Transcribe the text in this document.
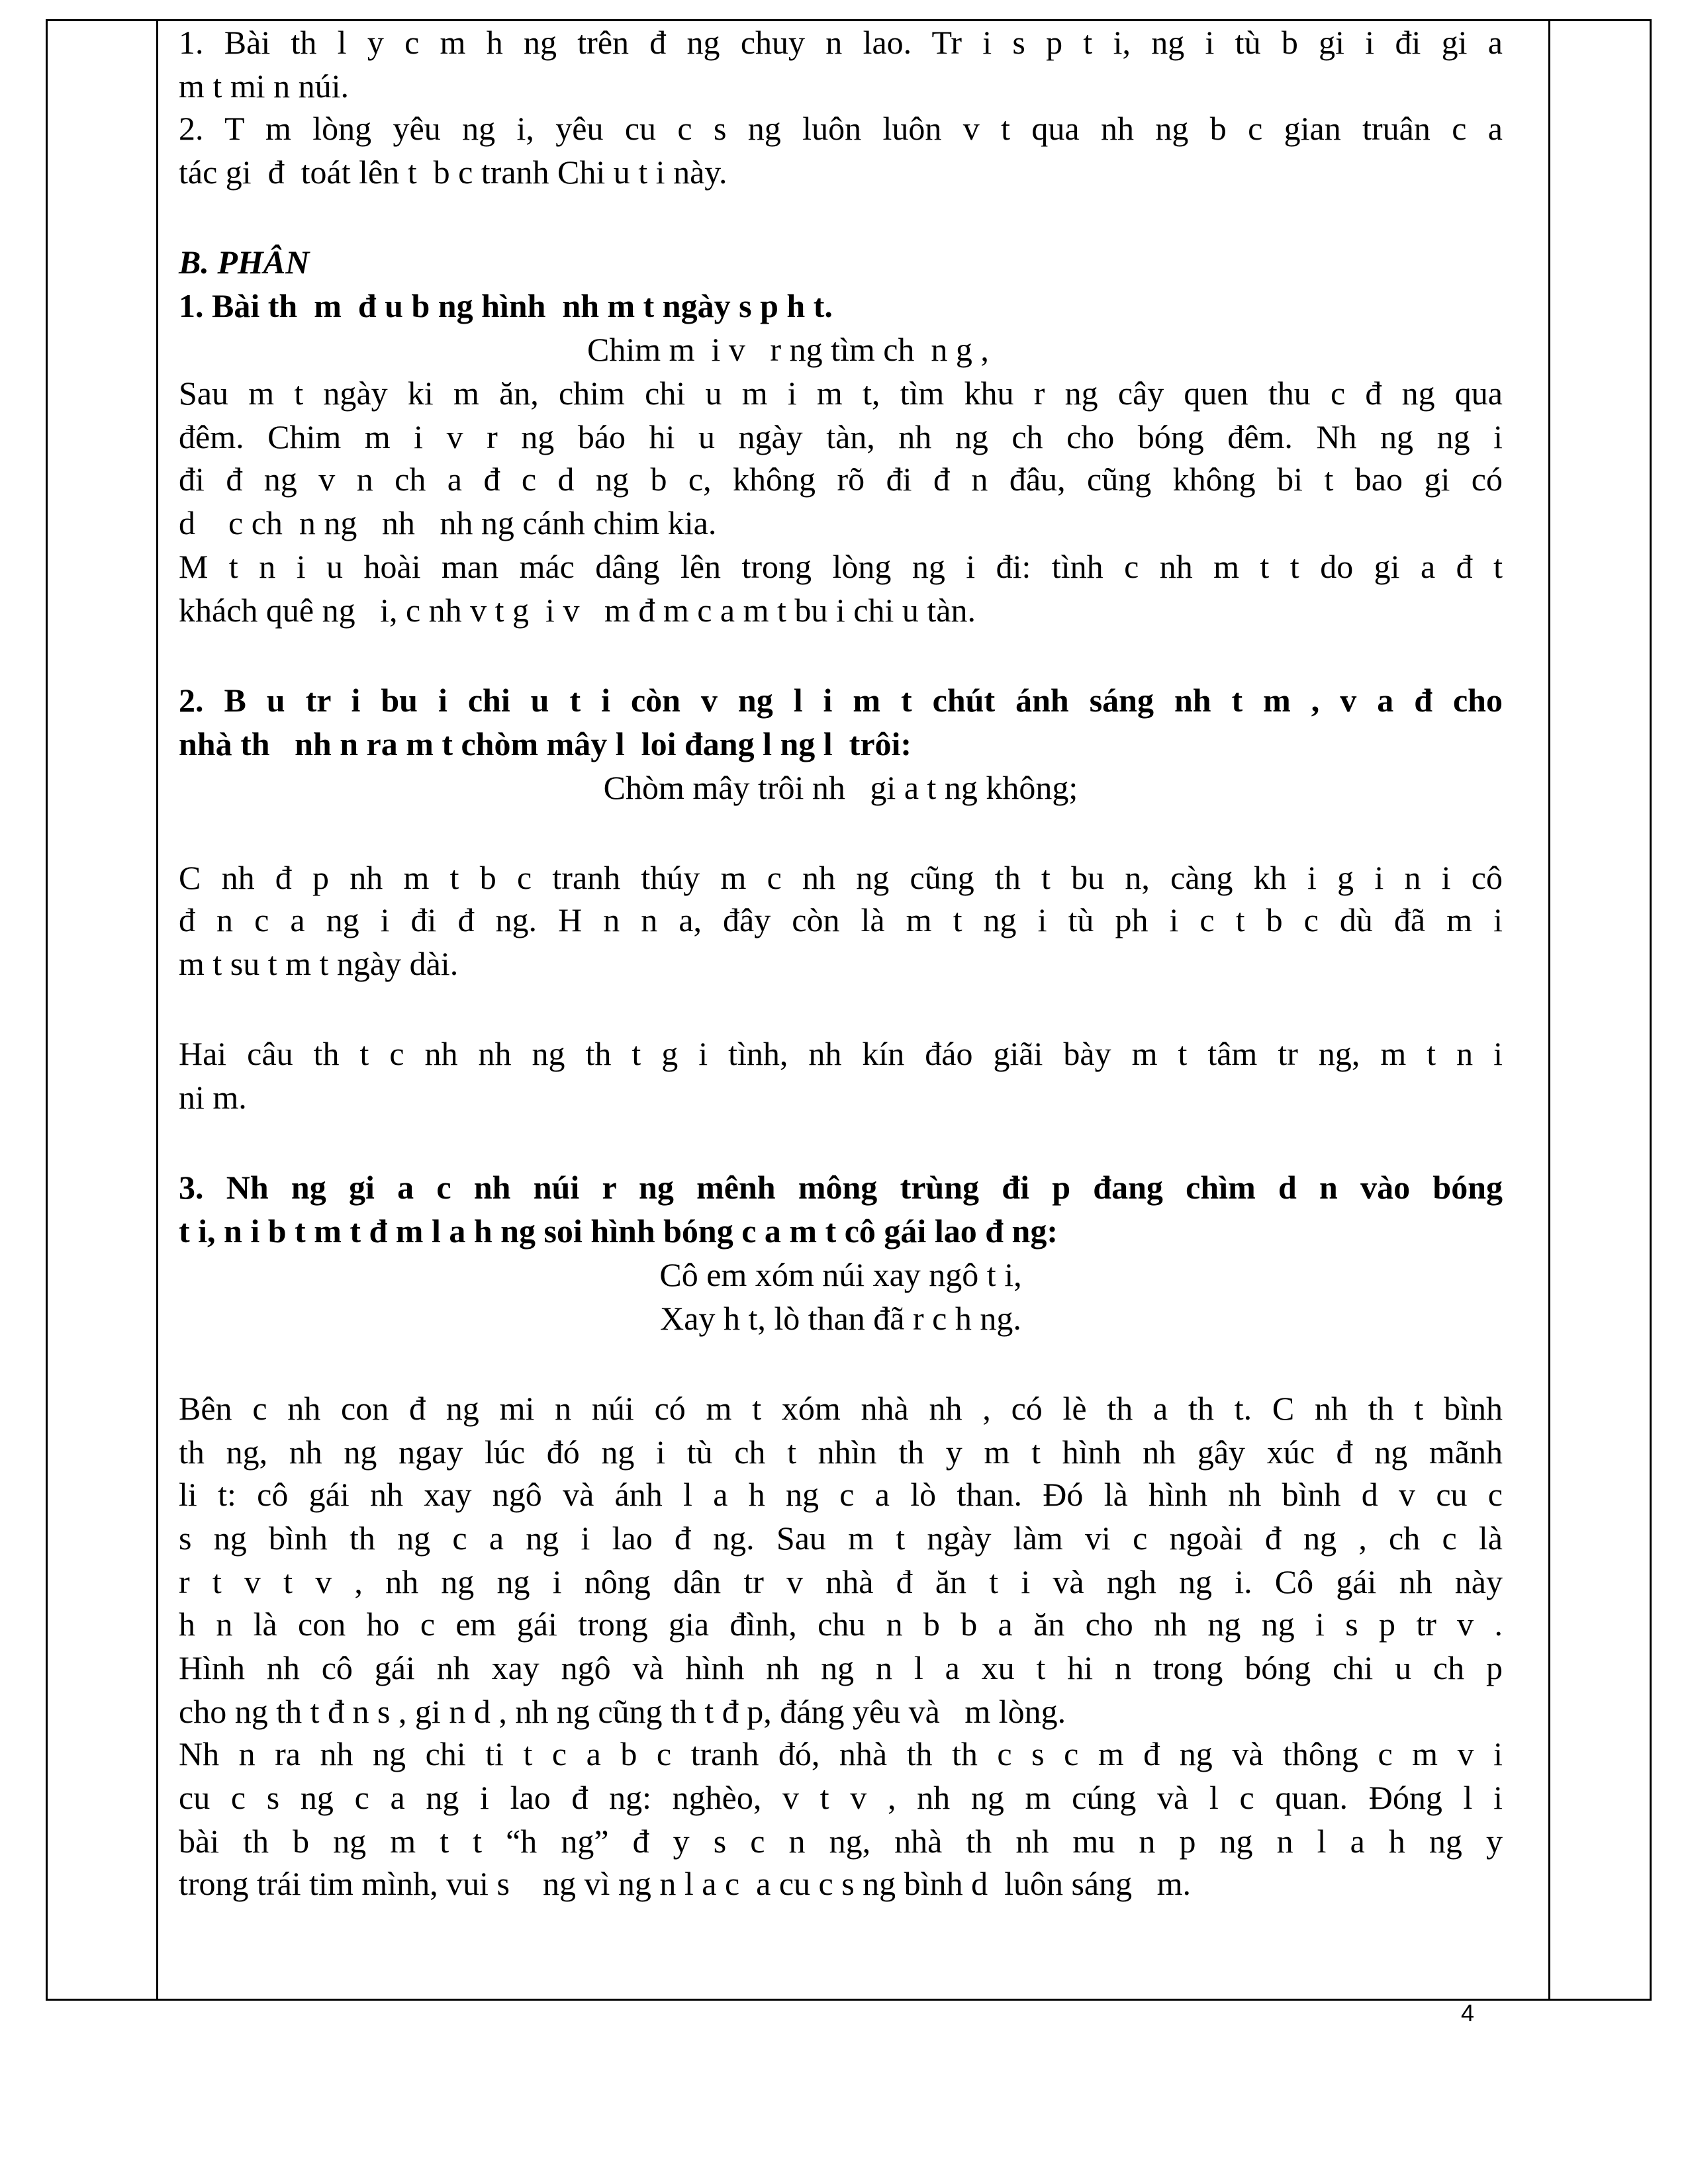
1. Bài th l y c m h ng trên đ ng chuy n lao. Tr i s p t i, ng i tù b gi i đi gi a
m t mi n núi.
2. T m lòng yêu ng i, yêu cu c s ng luôn luôn v t qua nh ng b c gian truân c a
tác gi  đ  toát lên t  b c tranh Chi u t i này.
B. PHÂN
1. Bài th  m  đ u b ng hình  nh m t ngày s p h t.
Chim m  i v   r ng tìm ch  n g ,
Sau m t ngày ki m ăn, chim chi u m i m t, tìm khu r ng cây quen thu c đ ng qua
đêm. Chim m i v r ng báo hi u ngày tàn, nh ng ch cho bóng đêm. Nh ng ng i
đi đ ng v n ch a đ c d ng b c, không rõ đi đ n đâu, cũng không bi t bao gi có
d    c ch  n ng   nh   nh ng cánh chim kia.
M t n i u hoài man mác dâng lên trong lòng ng i đi: tình c nh m t t do gi a đ t
khách quê ng   i, c nh v t g  i v   m đ m c a m t bu i chi u tàn.
2. B u tr i bu i chi u t i còn v ng l i m t chút ánh sáng nh t m , v a đ cho
nhà th   nh n ra m t chòm mây l  loi đang l ng l  trôi:
Chòm mây trôi nh   gi a t ng không;
C nh đ p nh m t b c tranh thúy m c nh ng cũng th t bu n, càng kh i g i n i cô
đ n c a ng i đi đ ng. H n n a, đây còn là m t ng i tù ph i c t b c dù đã m i
m t su t m t ngày dài.
Hai câu th t c nh nh ng th t g i tình, nh kín đáo giãi bày m t tâm tr ng, m t n i
ni m.
3. Nh ng gi a c nh núi r ng mênh mông trùng đi p đang chìm d n vào bóng
t i, n i b t m t đ m l a h ng soi hình bóng c a m t cô gái lao đ ng:
Cô em xóm núi xay ngô t i,
Xay h t, lò than đã r c h ng.
Bên c nh con đ ng mi n núi có m t xóm nhà nh , có lè th a th t. C nh th t bình
th ng, nh ng ngay lúc đó ng i tù ch t nhìn th y m t hình nh gây xúc đ ng mãnh
li t: cô gái nh xay ngô và ánh l a h ng c a lò than. Đó là hình nh bình d v cu c
s ng bình th ng c a ng i lao đ ng. Sau m t ngày làm vi c ngoài đ ng , ch c là
r t v t v , nh ng ng i nông dân tr v nhà đ ăn t i và ngh ng i. Cô gái nh này
h n là con ho c em gái trong gia đình, chu n b b a ăn cho nh ng ng i s p tr v .
Hình nh cô gái nh xay ngô và hình nh ng n l a xu t hi n trong bóng chi u ch p
cho ng th t đ n s , gi n d , nh ng cũng th t đ p, đáng yêu và   m lòng.
Nh n ra nh ng chi ti t c a b c tranh đó, nhà th th c s c m đ ng và thông c m v i
cu c s ng c a ng i lao đ ng: nghèo, v t v , nh ng m cúng và l c quan. Đóng l i
bài th b ng m t t “h ng” đ y s c n ng, nhà th nh mu n p ng n l a h ng y
trong trái tim mình, vui s    ng vì ng n l a c  a cu c s ng bình d  luôn sáng   m.
4
